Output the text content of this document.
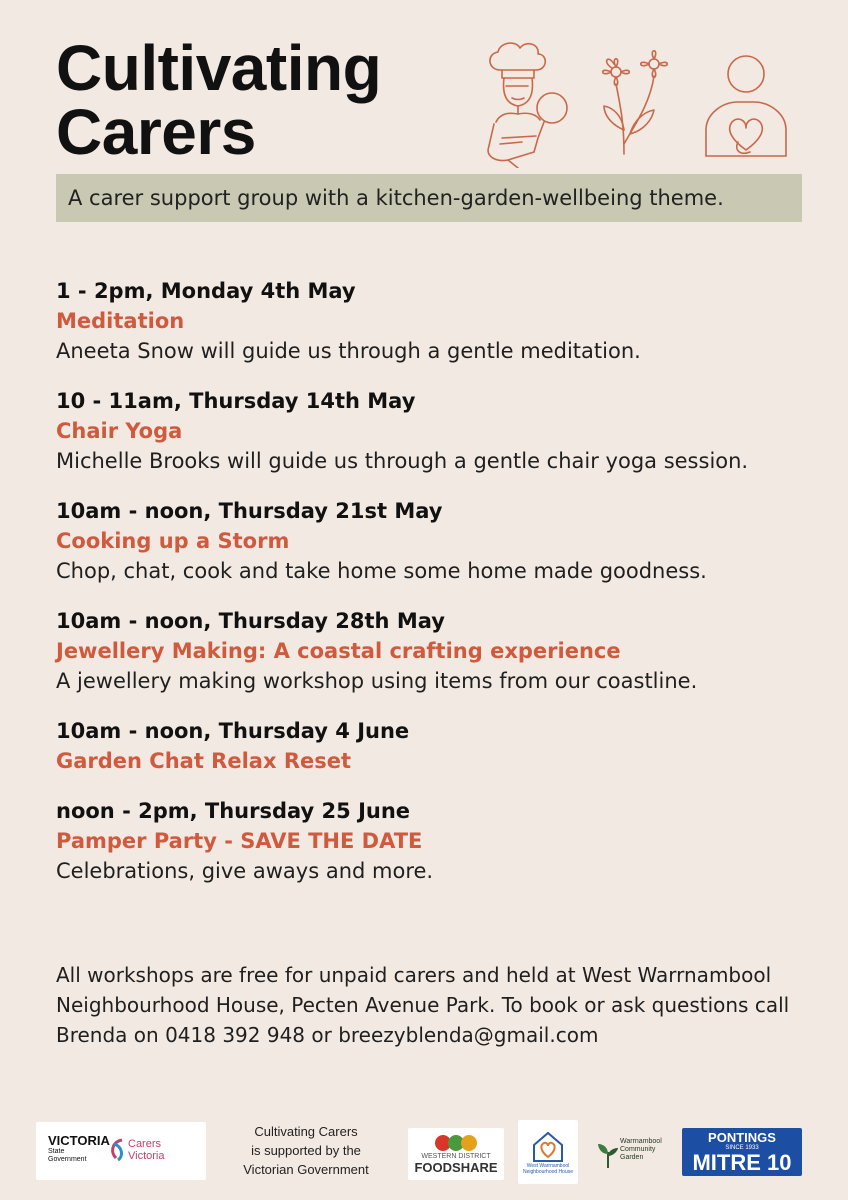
Cultivating
Carers
A carer support group with a kitchen-garden-wellbeing theme.
1 - 2pm, Monday 4th May
Meditation
Aneeta Snow will guide us through a gentle meditation.
10 - 11am, Thursday 14th May
Chair Yoga
Michelle Brooks will guide us through a gentle chair yoga session.
10am - noon, Thursday 21st May
Cooking up a Storm
Chop, chat, cook and take home some home made goodness.
10am - noon, Thursday 28th May
Jewellery Making: A coastal crafting experience
A jewellery making workshop using items from our coastline.
10am - noon, Thursday 4 June
Garden Chat Relax Reset
noon - 2pm, Thursday 25 June
Pamper Party - SAVE THE DATE
Celebrations, give aways and more.
All workshops are free for unpaid carers and held at West Warrnambool Neighbourhood House, Pecten Avenue Park. To book or ask questions call Brenda on 0418 392 948 or breezyblenda@gmail.com
VICTORIA
State
Government
Carers
Victoria
Cultivating Carers
is supported by the
Victorian Government
WESTERN DISTRICT
FOODSHARE	West Warrnambool
Neighbourhood House
Warrnambool
Community
Garden
PONTINGS
SINCE 1933
MITRE 10
